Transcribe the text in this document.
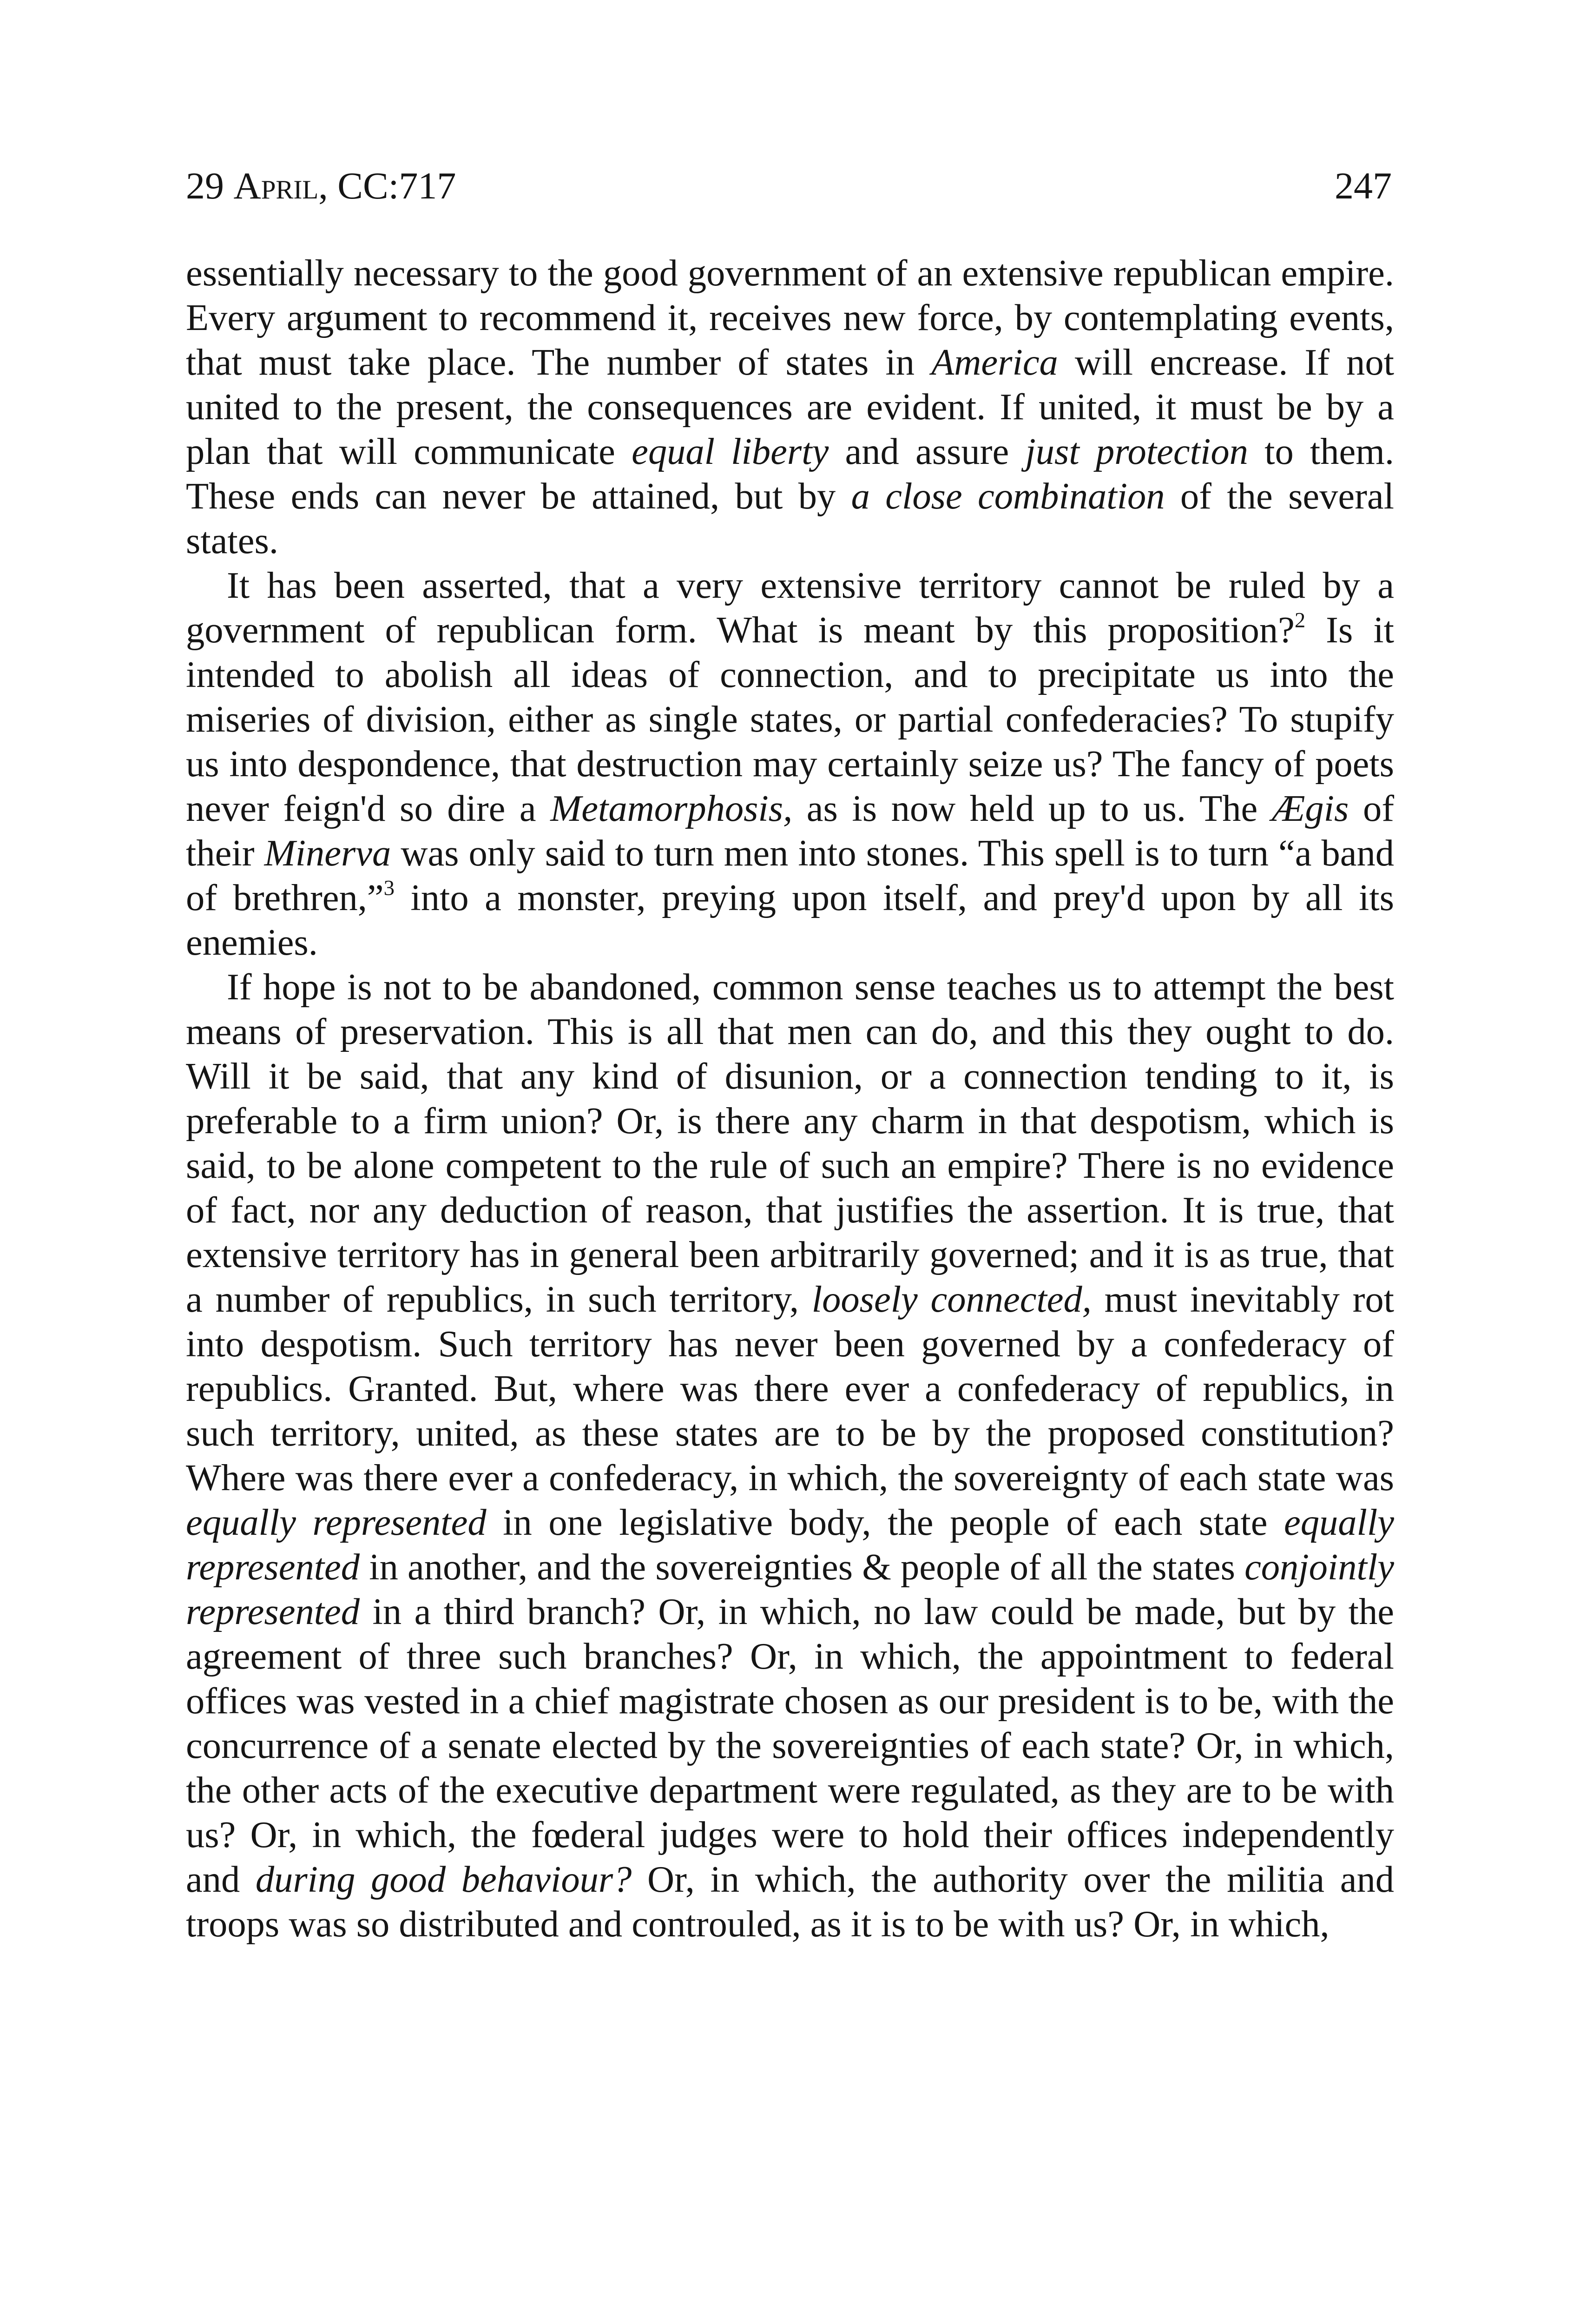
29 April, CC:717	247

essentially necessary to the good government of an extensive republican empire. Every argument to recommend it, receives new force, by contemplating events, that must take place. The number of states in America will encrease. If not united to the present, the consequences are evident. If united, it must be by a plan that will communicate equal liberty and assure just protection to them. These ends can never be attained, but by a close combination of the several states.

It has been asserted, that a very extensive territory cannot be ruled by a government of republican form. What is meant by this proposition?$^2$ Is it intended to abolish all ideas of connection, and to precipitate us into the miseries of division, either as single states, or partial confederacies? To stupify us into despondence, that destruction may certainly seize us? The fancy of poets never feign'd so dire a Metamorphosis, as is now held up to us. The Ægis of their Minerva was only said to turn men into stones. This spell is to turn “a band of brethren,”$^3$ into a monster, preying upon itself, and prey'd upon by all its enemies.

If hope is not to be abandoned, common sense teaches us to attempt the best means of preservation. This is all that men can do, and this they ought to do. Will it be said, that any kind of disunion, or a connection tending to it, is preferable to a firm union? Or, is there any charm in that despotism, which is said, to be alone competent to the rule of such an empire? There is no evidence of fact, nor any deduction of reason, that justifies the assertion. It is true, that extensive territory has in general been arbitrarily governed; and it is as true, that a number of republics, in such territory, loosely connected, must inevitably rot into despotism. Such territory has never been governed by a confederacy of republics. Granted. But, where was there ever a confederacy of republics, in such territory, united, as these states are to be by the proposed constitution? Where was there ever a confederacy, in which, the sovereignty of each state was equally represented in one legislative body, the people of each state equally represented in another, and the sovereignties & people of all the states conjointly represented in a third branch? Or, in which, no law could be made, but by the agreement of three such branches? Or, in which, the appointment to federal offices was vested in a chief magistrate chosen as our president is to be, with the concurrence of a senate elected by the sovereignties of each state? Or, in which, the other acts of the executive department were regulated, as they are to be with us? Or, in which, the fœderal judges were to hold their offices independently and during good behaviour? Or, in which, the authority over the militia and troops was so distributed and controuled, as it is to be with us? Or, in which,
